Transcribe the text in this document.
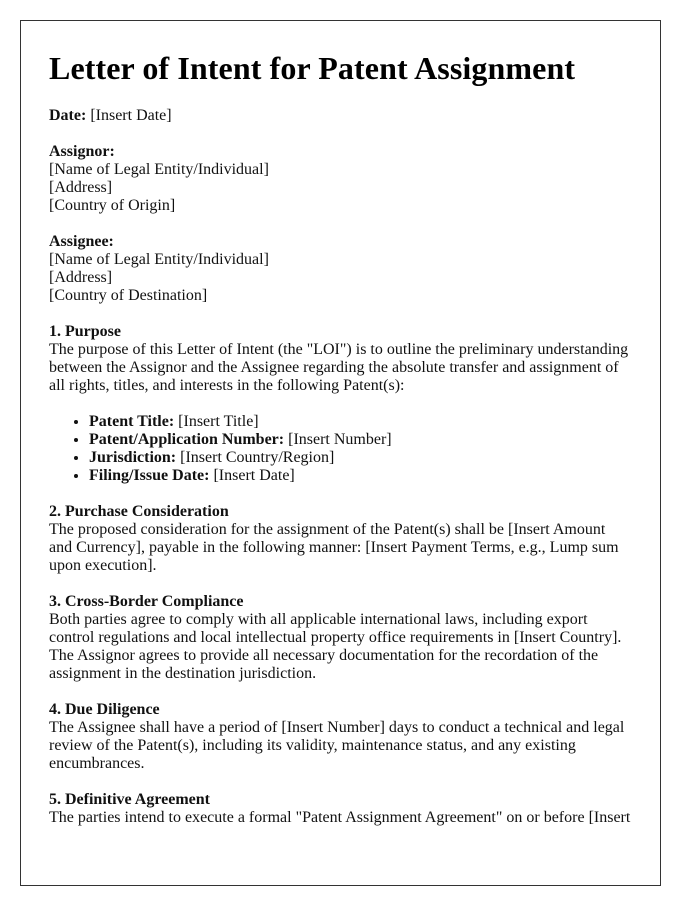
Letter of Intent for Patent Assignment
Date: [Insert Date]
Assignor:
[Name of Legal Entity/Individual]
[Address]
[Country of Origin]
Assignee:
[Name of Legal Entity/Individual]
[Address]
[Country of Destination]
1. Purpose

The purpose of this Letter of Intent (the "LOI") is to outline the preliminary understanding between the Assignor and the Assignee regarding the absolute transfer and assignment of all rights, titles, and interests in the following Patent(s):

• Patent Title: [Insert Title]
• Patent/Application Number: [Insert Number]
• Jurisdiction: [Insert Country/Region]
• Filing/Issue Date: [Insert Date]
2. Purchase Consideration

The proposed consideration for the assignment of the Patent(s) shall be [Insert Amount and Currency], payable in the following manner: [Insert Payment Terms, e.g., Lump sum upon execution].

3. Cross-Border Compliance

Both parties agree to comply with all applicable international laws, including export control regulations and local intellectual property office requirements in [Insert Country]. The Assignor agrees to provide all necessary documentation for the recordation of the assignment in the destination jurisdiction.

4. Due Diligence

The Assignee shall have a period of [Insert Number] days to conduct a technical and legal review of the Patent(s), including its validity, maintenance status, and any existing encumbrances.

5. Definitive Agreement

The parties intend to execute a formal "Patent Assignment Agreement" on or before [Insert
